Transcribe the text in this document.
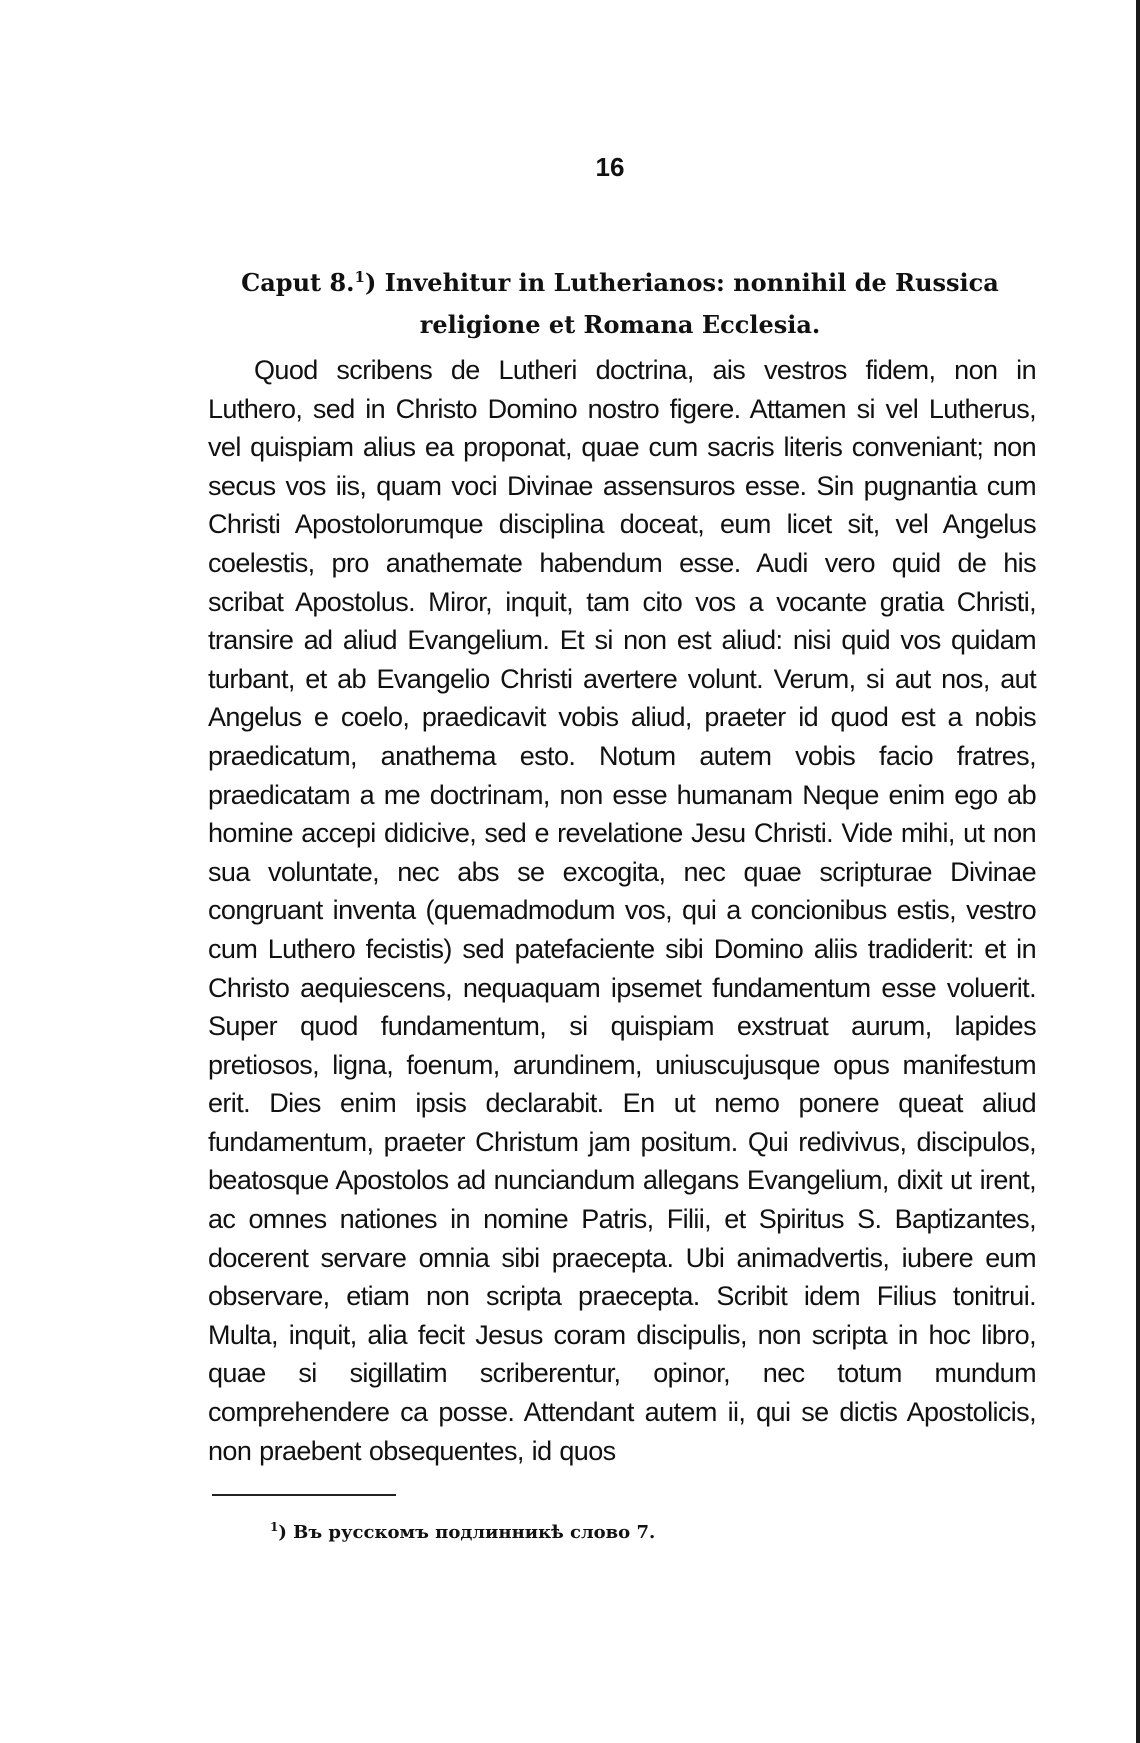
16
Caput 8.$^1$) Invehitur in Lutherianos: nonnihil de Russica religione et Romana Ecclesia.

Quod scribens de Lutheri doctrina, ais vestros fidem, non in Luthero, sed in Christo Domino nostro figere. Attamen si vel Lutherus, vel quispiam alius ea proponat, quae cum sacris literis conveniant; non secus vos iis, quam voci Divinae assensuros esse. Sin pugnantia cum Christi Apostolorumque disciplina doceat, eum licet sit, vel Angelus coelestis, pro anathemate habendum esse. Audi vero quid de his scribat Apostolus. Miror, inquit, tam cito vos a vocante gratia Christi, transire ad aliud Evangelium. Et si non est aliud: nisi quid vos quidam turbant, et ab Evangelio Christi avertere volunt. Verum, si aut nos, aut Angelus e coelo, praedicavit vobis aliud, praeter id quod est a nobis praedicatum, anathema esto. Notum autem vobis facio fratres, praedicatam a me doctrinam, non esse humanam Neque enim ego ab homine accepi didicive, sed e revelatione Jesu Christi. Vide mihi, ut non sua voluntate, nec abs se excogita, nec quae scripturae Divinae congruant inventa (quemadmodum vos, qui a concionibus estis, vestro cum Luthero fecistis) sed patefaciente sibi Domino aliis tradiderit: et in Christo aequiescens, nequaquam ipsemet fundamentum esse voluerit. Super quod fundamentum, si quispiam exstruat aurum, lapides pretiosos, ligna, foenum, arundinem, uniuscujusque opus manifestum erit. Dies enim ipsis declarabit. En ut nemo ponere queat aliud fundamentum, praeter Christum jam positum. Qui redivivus, discipulos, beatosque Apostolos ad nunciandum allegans Evangelium, dixit ut irent, ac omnes nationes in nomine Patris, Filii, et Spiritus S. Baptizantes, docerent servare omnia sibi praecepta. Ubi animadvertis, iubere eum observare, etiam non scripta praecepta. Scribit idem Filius tonitrui. Multa, inquit, alia fecit Jesus coram discipulis, non scripta in hoc libro, quae si sigillatim scriberentur, opinor, nec totum mundum comprehendere ca posse. Attendant autem ii, qui se dictis Apostolicis, non praebent obsequentes, id quos

$^1$) Въ русскомъ подлинникѣ слово 7.
